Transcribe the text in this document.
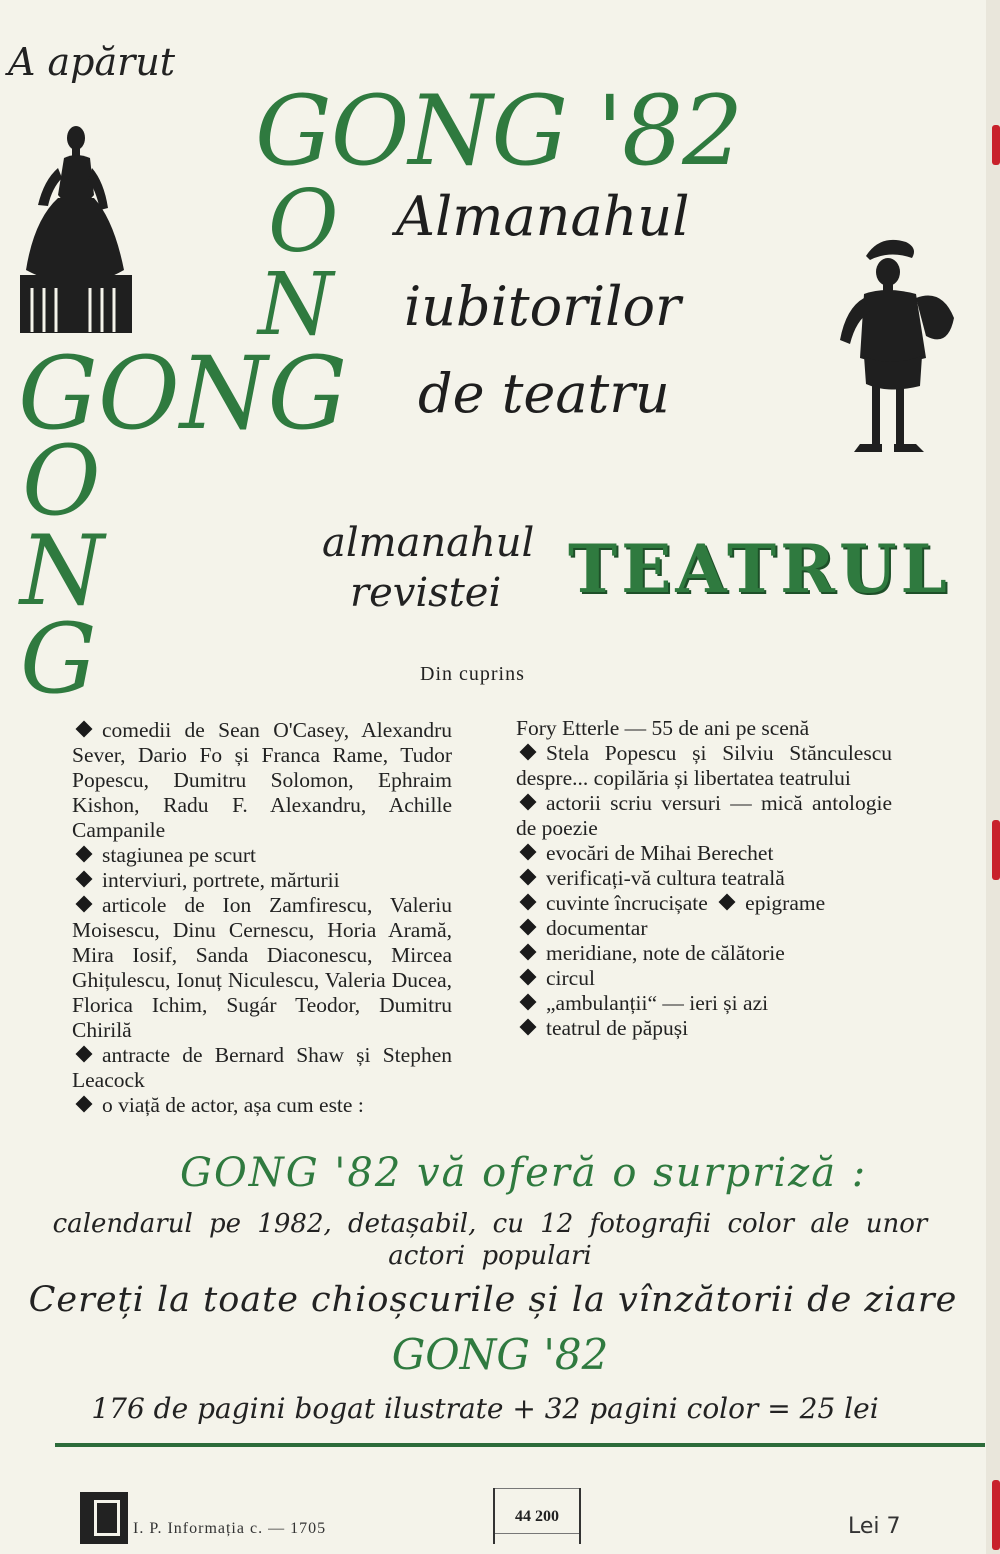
A apărut
GONG '82
O
N
GONG
O
N
G
Almanahul
iubitorilor
de teatru
almanahul
revistei TEATRUL
Din cuprins
comedii de Sean O'Casey, Alexandru Sever, Dario Fo și Franca Rame, Tudor Popescu, Dumitru Solomon, Ephraim Kishon, Radu F. Alexandru, Achille Campanile
stagiunea pe scurt
interviuri, portrete, mărturii
articole de Ion Zamfirescu, Valeriu Moisescu, Dinu Cernescu, Horia Aramă, Mira Iosif, Sanda Diaconescu, Mircea Ghițulescu, Ionuț Niculescu, Valeria Ducea, Florica Ichim, Sugár Teodor, Dumitru Chirilă
antracte de Bernard Shaw și Stephen Leacock
o viață de actor, așa cum este :
Fory Etterle — 55 de ani pe scenă
Stela Popescu și Silviu Stănculescu despre... copilăria și libertatea teatrului
actorii scriu versuri — mică antologie de poezie
evocări de Mihai Berechet
verificați-vă cultura teatrală
cuvinte încrucișate epigrame
documentar
meridiane, note de călătorie
circul
„ambulanții“ — ieri și azi
teatrul de păpuși
GONG '82 vă oferă o surpriză :
calendarul pe 1982, detașabil, cu 12 fotografii color ale unor actori populari
Cereți la toate chioșcurile și la vînzătorii de ziare
GONG '82
176 de pagini bogat ilustrate + 32 pagini color = 25 lei
I. P. Informația c. — 1705
44 200	Lei 7
